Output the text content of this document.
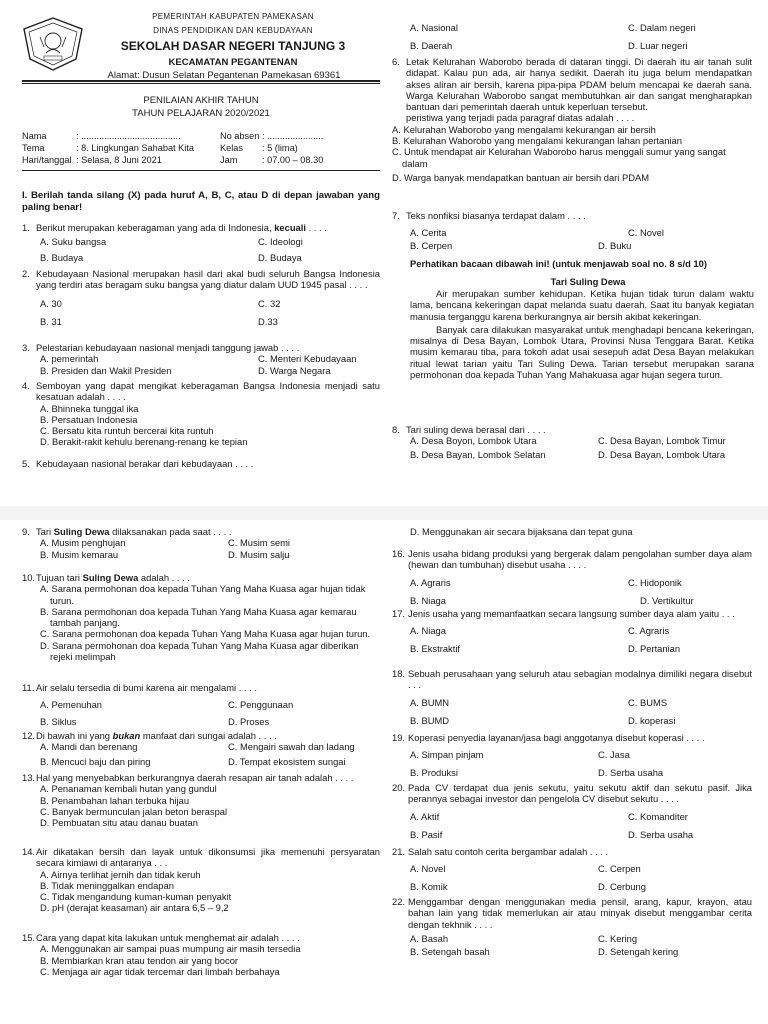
PEMERINTAH KABUPATEN PAMEKASAN
DINAS PENDIDIKAN DAN KEBUDAYAAN
SEKOLAH DASAR NEGERI TANJUNG 3
KECAMATAN PEGANTENAN
Alamat: Dusun Selatan Pegantenan Pamekasan 69361
PENILAIAN AKHIR TAHUN
TAHUN PELAJARAN 2020/2021
Nama	: .......................................	No absen : ......................
Tema	: 8. Lingkungan Sahabat Kita	Kelas : 5 (lima)
Hari/tanggal : Selasa, 8 Juni 2021	Jam	: 07.00 – 08.30
I. Berilah tanda silang (X) pada huruf A, B, C, atau D di depan jawaban yang paling benar!
1. Berikut merupakan keberagaman yang ada di Indonesia, kecuali . . . .
A. Suku bangsa	C. Ideologi
B. Budaya	D. Budaya
2. Kebudayaan Nasional merupakan hasil dari akal budi seluruh Bangsa Indonesia yang terdiri atas beragam suku bangsa yang diatur dalam UUD 1945 pasal . . . .
A. 30	C. 32
B. 31	D.33
3. Pelestarian kebudayaan nasional menjadi tanggung jawab . . . .
A. pemerintah	C. Menteri Kebudayaan
B. Presiden dan Wakil Presiden	D. Warga Negara
4. Semboyan yang dapat mengikat keberagaman Bangsa Indonesia menjadi satu kesatuan adalah . . . .
A. Bhinneka tunggal ika
B. Persatuan Indonesia
C. Bersatu kita runtuh bercerai kita runtuh
D. Berakit-rakit kehulu berenang-renang ke tepian
5. Kebudayaan nasional berakar dari kebudayaan . . . .
A. Nasional	C. Dalam negeri
B. Daerah	D. Luar negeri
6. Letak Kelurahan Waborobo berada di dataran tinggi. Di daerah itu air tanah sulit didapat. Kalau pun ada, air hanya sedikit. Daerah itu juga belum mendapatkan akses aliran air bersih, karena pipa-pipa PDAM belum mencapai ke daerah sana. Warga Kelurahan Waborobo sangat membutuhkan air dan sangat mengharapkan bantuan dari pemerintah daerah untuk keperluan tersebut.
peristiwa yang terjadi pada paragraf diatas adalah . . . .
A. Kelurahan Waborobo yang mengalami kekurangan air bersih
B. Kelurahan Waborobo yang mengalami kekurangan lahan pertanian
C. Untuk mendapat air Kelurahan Waborobo harus menggali sumur yang sangat dalam
D. Warga banyak mendapatkan bantuan air bersih dari PDAM
7. Teks nonfiksi biasanya terdapat dalam . . . .
A. Cerita	C. Novel
B. Cerpen	D. Buku
Perhatikan bacaan dibawah ini! (untuk menjawab soal no. 8 s/d 10)
Tari Suling Dewa

Air merupakan sumber kehidupan. Ketika hujan tidak turun dalam waktu lama, bencana kekeringan dapat melanda suatu daerah. Saat itu banyak kegiatan manusia terganggu karena berkurangnya air bersih akibat kekeringan.

Banyak cara dilakukan masyarakat untuk menghadapi bencana kekeringan, misalnya di Desa Bayan, Lombok Utara, Provinsi Nusa Tenggara Barat. Ketika musim kemarau tiba, para tokoh adat usai sesepuh adat Desa Bayan melakukan ritual lewat tarian yaitu Tari Suling Dewa. Tarian tersebut merupakan sarana permohonan doa kepada Tuhan Yang Mahakuasa agar hujan segera turun.

8. Tari suling dewa berasal dari . . . .
A. Desa Boyon, Lombok Utara	C. Desa Bayan, Lombok Timur
B. Desa Bayan, Lombok Selatan	D. Desa Bayan, Lombok Utara
9. Tari Suling Dewa dilaksanakan pada saat . . . .
A. Musim penghujan	C. Musim semi
B. Musim kemarau	D. Musim salju
10. Tujuan tari Suling Dewa adalah . . . .
A. Sarana permohonan doa kepada Tuhan Yang Maha Kuasa agar hujan tidak            turun.
B. Sarana permohonan doa kepada Tuhan Yang Maha Kuasa agar kemarau tambah panjang.
C. Sarana permohonan doa kepada Tuhan Yang Maha Kuasa agar hujan turun.
D. Sarana permohonan doa kepada Tuhan Yang Maha Kuasa agar diberikan rejeki melimpah
11. Air selalu tersedia di bumi karena air mengalami . . . .
A. Pemenuhan	C. Penggunaan
B. Siklus	D. Proses
12. Di bawah ini yang bukan manfaat dari sungai adalah . . . .
A. Mandi dan berenang	C. Mengairi sawah dan ladang
B. Mencuci baju dan piring	D. Tempat ekosistem sungai
13. Hal yang menyebabkan berkurangnya daerah resapan air tanah adalah . . . .
A. Penanaman kembali hutan yang gundul
B. Penambahan lahan terbuka hijau
C. Banyak bermunculan jalan beton beraspal
D. Pembuatan situ atau danau buatan
14. Air dikatakan bersih dan layak untuk dikonsumsi jika memenuhi persyaratan secara kimiawi di antaranya . . .
A. Airnya terlihat jernih dan tidak keruh
B. Tidak meninggalkan endapan
C. Tidak mengandung kuman-kuman penyakit
D. pH (derajat keasaman) air antara 6,5 – 9,2
15. Cara yang dapat kita lakukan untuk menghemat air adalah . . . .
A. Menggunakan air sampai puas mumpung air masih tersedia
B. Membiarkan kran atau tendon air yang bocor
C. Menjaga air agar tidak tercemar dari limbah berbahaya
D. Menggunakan air secara bijaksana dan tepat guna
16. Jenis usaha bidang produksi yang bergerak dalam pengolahan sumber daya alam (hewan dan tumbuhan) disebut usaha . . . .
A. Agraris	C. Hidoponik
B. Niaga	D. Vertikultur
17. Jenis usaha yang memanfaatkan secara langsung sumber daya alam yaitu . . .
A. Niaga	C. Agraris
B. Ekstraktif	D. Pertanian
18. Sebuah perusahaan yang seluruh atau sebagian modalnya dimiliki negara disebut . . .
A. BUMN	C. BUMS
B. BUMD	D. koperasi
19. Koperasi penyedia layanan/jasa bagi anggotanya disebut koperasi . . . .
A. Simpan pinjam	C. Jasa
B. Produksi	D. Serba usaha
20. Pada CV terdapat dua jenis sekutu, yaitu sekutu aktif dan sekutu pasif. Jika perannya sebagai investor dan pengelola CV disebut sekutu . . . .
A. Aktif	C. Komanditer
B. Pasif	D. Serba usaha
21. Salah satu contoh cerita bergambar adalah . . . .
A. Novel	C. Cerpen
B. Komik	D. Cerbung
22. Menggambar dengan menggunakan media pensil, arang, kapur, krayon, atau bahan lain yang tidak memerlukan air atau minyak disebut menggambar cerita dengan tekhnik . . . .
A. Basah	C. Kering
B. Setengah basah	D. Setengah kering
